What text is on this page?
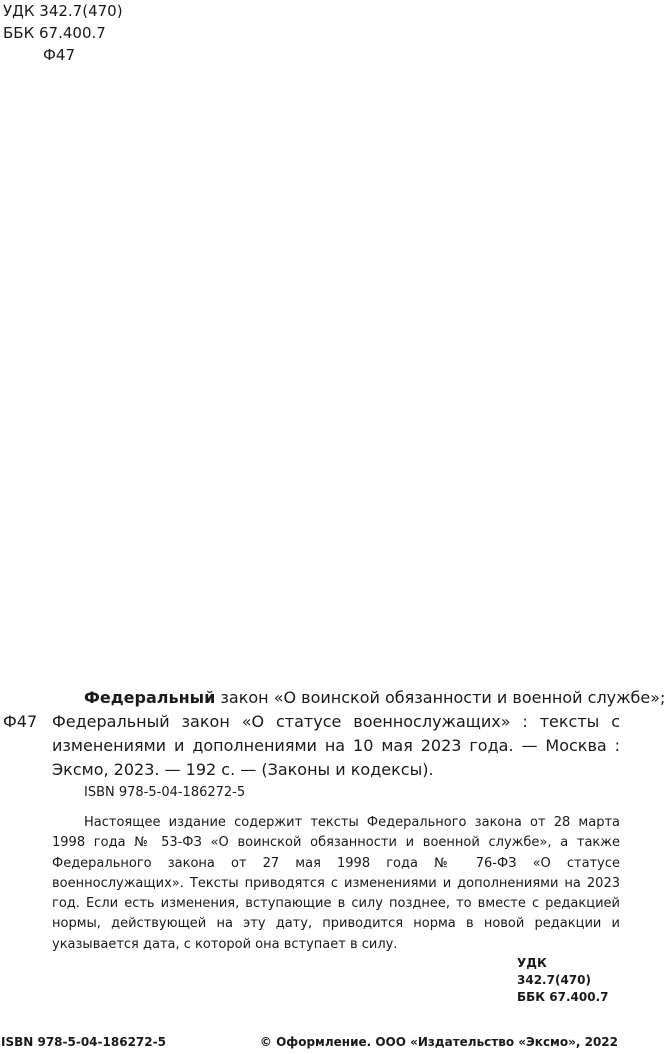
УДК 342.7(470)
ББК 67.400.7
Ф47
Федеральный закон «О воинской обязанности и военной службе»;
Ф47 Федеральный закон «О статусе военнослужащих» : тексты с изменениями и дополнениями на 10 мая 2023 года. — Москва : Эксмо, 2023. — 192 с. — (Законы и кодексы).
ISBN 978-5-04-186272-5
Настоящее издание содержит тексты Федерального закона от 28 марта 1998 года № 53-ФЗ «О воинской обязанности и военной службе», а также Федерального закона от 27 мая 1998 года № 76-ФЗ «О статусе военнослужащих». Тексты приводятся с изменениями и дополнениями на 2023 год. Если есть изменения, вступающие в силу позднее, то вместе с редакцией нормы, действующей на эту дату, приводится норма в новой редакции и указывается дата, с которой она вступает в силу.
УДК 342.7(470)
ББК 67.400.7
ISBN 978-5-04-186272-5	© Оформление. ООО «Издательство «Эксмо», 2022
